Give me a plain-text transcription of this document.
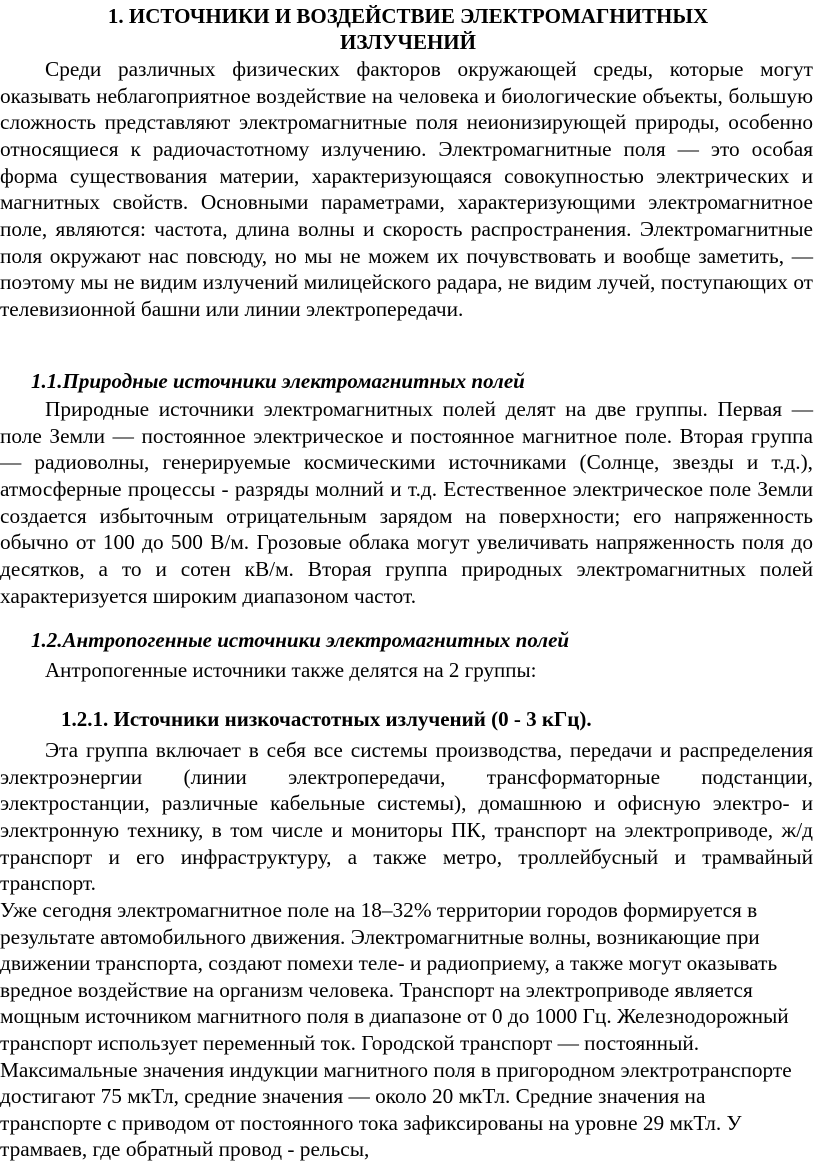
1. ИСТОЧНИКИ И ВОЗДЕЙСТВИЕ ЭЛЕКТРОМАГНИТНЫХ
ИЗЛУЧЕНИЙ

Среди различных физических факторов окружающей среды, которые могут оказывать неблагоприятное воздействие на человека и биологические объекты, большую сложность представляют электромагнитные поля неионизирующей природы, особенно относящиеся к радиочастотному излучению. Электромагнитные поля — это особая форма существования материи, характеризующаяся совокупностью электрических и магнитных свойств. Основными параметрами, характеризующими электромагнитное поле, являются: частота, длина волны и скорость распространения. Электромагнитные поля окружают нас повсюду, но мы не можем их почувствовать и вообще заметить, — поэтому мы не видим излучений милицейского радара, не видим лучей, поступающих от телевизионной башни или линии электропередачи.

1.1.Природные источники электромагнитных полей

Природные источники электромагнитных полей делят на две группы. Первая — поле Земли — постоянное электрическое и постоянное магнитное поле. Вторая группа — радиоволны, генерируемые космическими источниками (Солнце, звезды и т.д.), атмосферные процессы - разряды молний и т.д. Естественное электрическое поле Земли создается избыточным отрицательным зарядом на поверхности; его напряженность обычно от 100 до 500 В/м. Грозовые облака могут увеличивать напряженность поля до десятков, а то и сотен кВ/м. Вторая группа природных электромагнитных полей характеризуется широким диапазоном частот.

1.2.Антропогенные источники электромагнитных полей

Антропогенные источники также делятся на 2 группы:

1.2.1. Источники низкочастотных излучений (0 - 3 кГц).

Эта группа включает в себя все системы производства, передачи и распределения электроэнергии (линии электропередачи, трансформаторные подстанции, электростанции, различные кабельные системы), домашнюю и офисную электро- и электронную технику, в том числе и мониторы ПК, транспорт на электроприводе, ж/д транспорт и его инфраструктуру, а также метро, троллейбусный и трамвайный транспорт.

Уже сегодня электромагнитное поле на 18–32% территории городов формируется в результате автомобильного движения. Электромагнитные волны, возникающие при движении транспорта, создают помехи теле- и радиоприему, а также могут оказывать вредное воздействие на организм человека. Транспорт на электроприводе является мощным источником магнитного поля в диапазоне от 0 до 1000 Гц. Железнодорожный транспорт использует переменный ток. Городской транспорт — постоянный. Максимальные значения индукции магнитного поля в пригородном электротранспорте достигают 75 мкТл, средние значения — около 20 мкТл. Средние значения на транспорте с приводом от постоянного тока зафиксированы на уровне 29 мкТл. У трамваев, где обратный провод - рельсы,
